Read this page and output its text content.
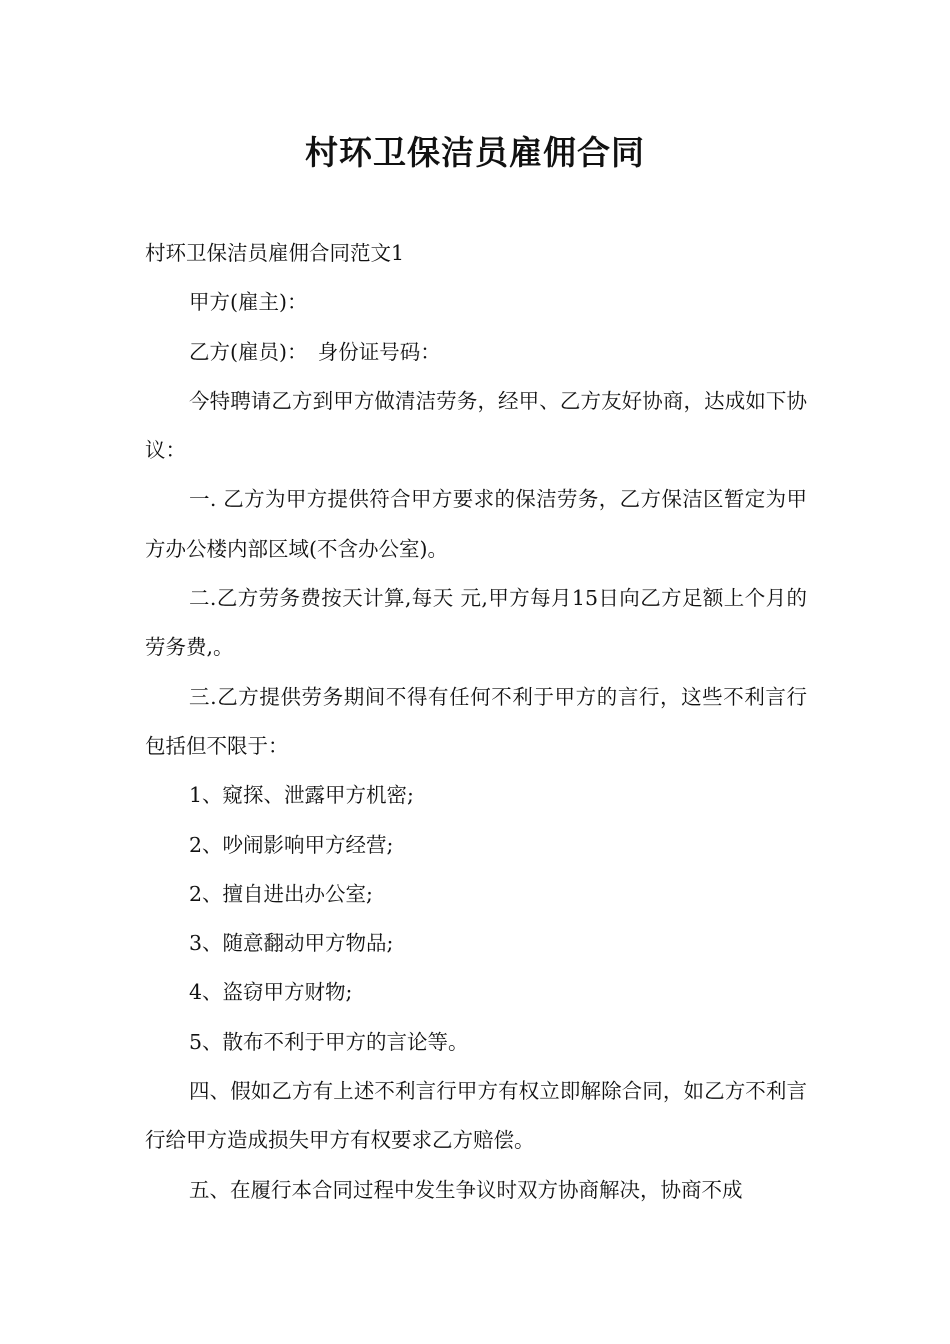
村环卫保洁员雇佣合同

村环卫保洁员雇佣合同范文1

甲方(雇主)：

乙方(雇员)：　身份证号码：

今特聘请乙方到甲方做清洁劳务，经甲、乙方友好协商，达成如下协议：

一. 乙方为甲方提供符合甲方要求的保洁劳务，乙方保洁区暂定为甲方办公楼内部区域(不含办公室)。

二.乙方劳务费按天计算,每天 元,甲方每月15日向乙方足额上个月的劳务费,。

三.乙方提供劳务期间不得有任何不利于甲方的言行，这些不利言行包括但不限于：

1、窥探、泄露甲方机密;

2、吵闹影响甲方经营;

2、擅自进出办公室;

3、随意翻动甲方物品;

4、盗窃甲方财物;

5、散布不利于甲方的言论等。

四、假如乙方有上述不利言行甲方有权立即解除合同，如乙方不利言行给甲方造成损失甲方有权要求乙方赔偿。

五、在履行本合同过程中发生争议时双方协商解决，协商不成
